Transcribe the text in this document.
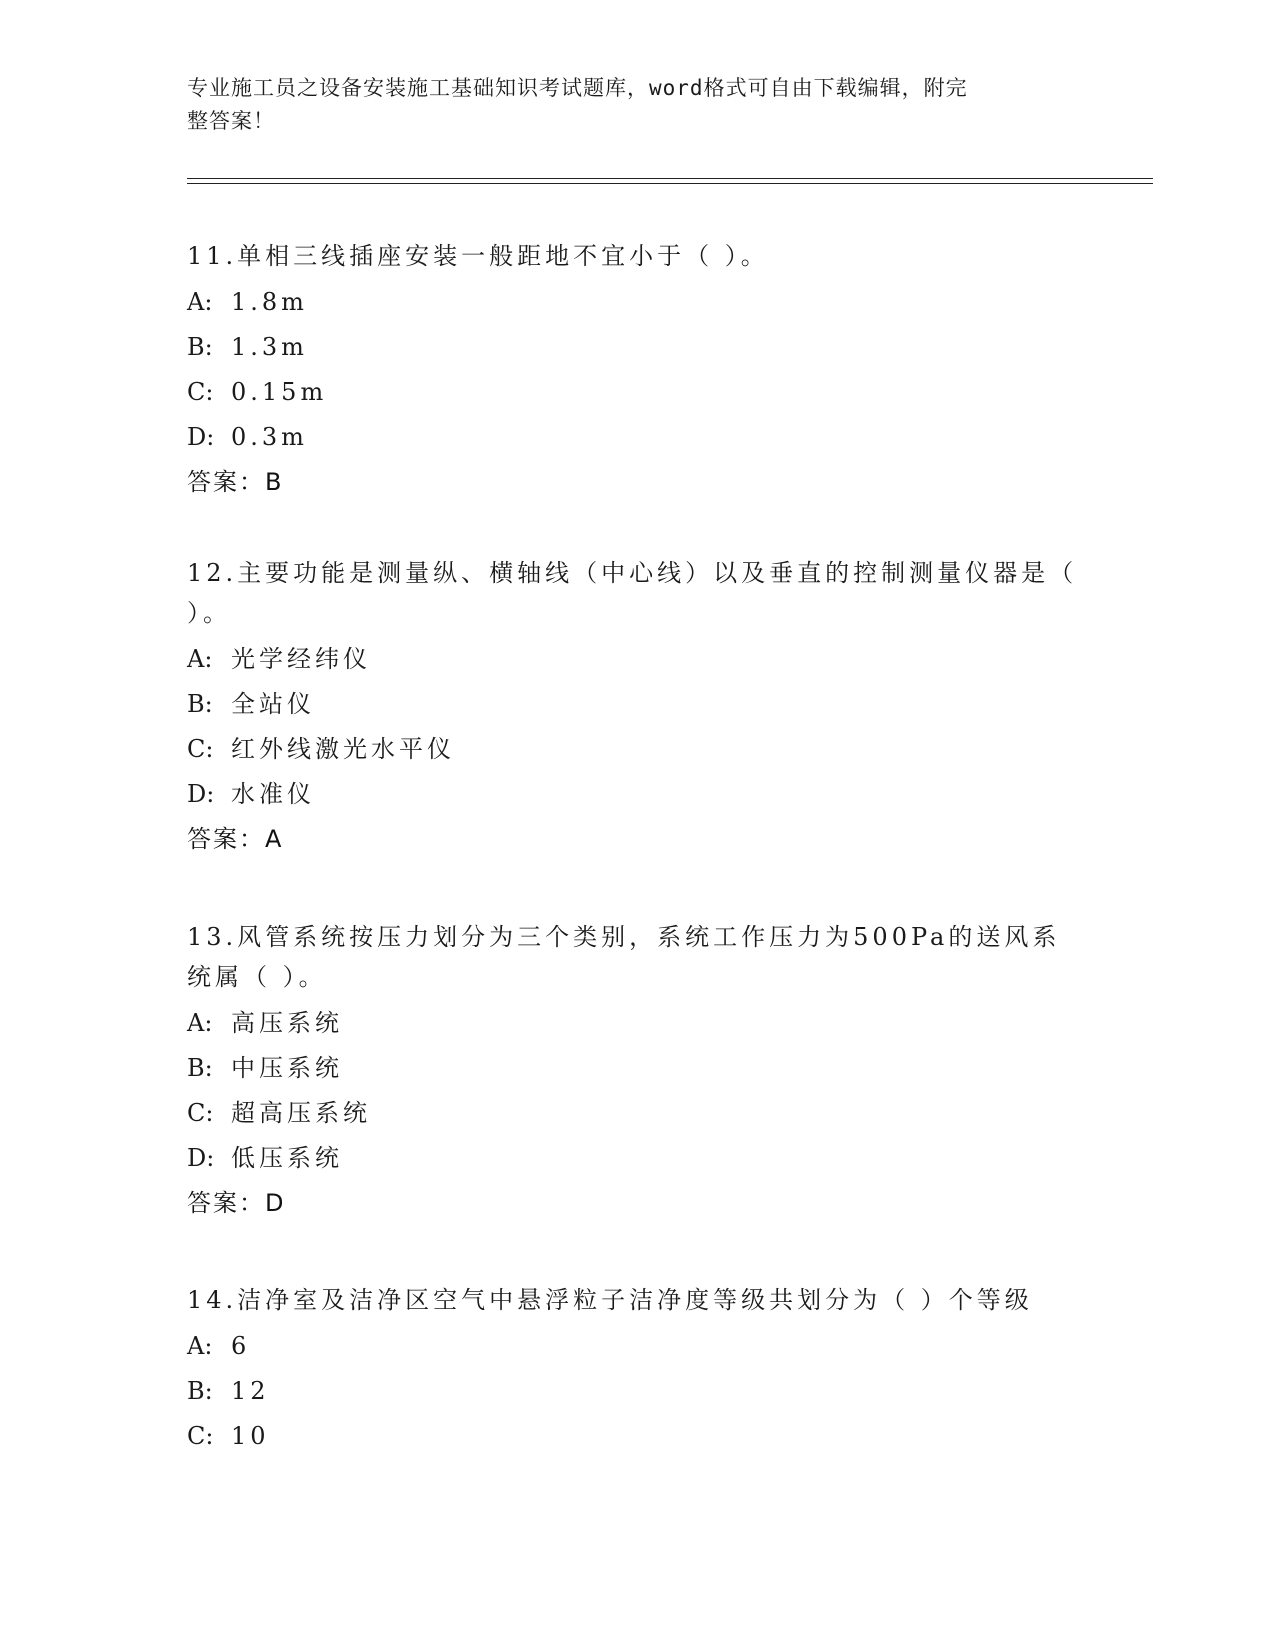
专业施工员之设备安装施工基础知识考试题库，word格式可自由下载编辑，附完
整答案！
11.单相三线插座安装一般距地不宜小于（ ）。
A: 1.8m
B: 1.3m
C: 0.15m
D: 0.3m
答案：B
12.主要功能是测量纵、横轴线（中心线）以及垂直的控制测量仪器是（ ）。
A: 光学经纬仪
B: 全站仪
C: 红外线激光水平仪
D: 水准仪
答案：A
13.风管系统按压力划分为三个类别，系统工作压力为500Pa的送风系统属（ ）。
A: 高压系统
B: 中压系统
C: 超高压系统
D: 低压系统
答案：D
14.洁净室及洁净区空气中悬浮粒子洁净度等级共划分为（ ）个等级
A: 6
B: 12
C: 10
